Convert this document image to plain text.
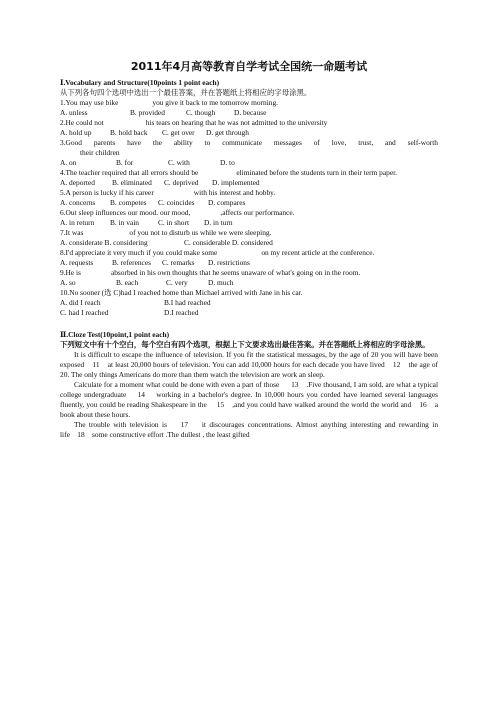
2011年4月高等教育自学考试全国统一命题考试
Ⅰ.Vocabulary and Structure(10points 1 point each)
从下列各句四个选项中选出一个最佳答案，并在答题纸上将相应的字母涂黑。
1.You may use bike	you give it back to me tomorrow morning.
A. unless	B. provided	C. though	D. because
2.He could not	his tears on hearing that he was not admitted to the university
A. hold up	B. hold back C. get over D. get through
3.Good parents have the ability to communicate messages of love, trust, and self-worth
their children
A. on	B. for	C. with	D. to
4.The teacher required that all errors should be	eliminated before the students turn in their term paper.
A. deported B. eliminated C. deprived D. implemented
5.A person is lucky if his career	with his interest and hobby.
A. concerns B. competes C. coincides D. compares
6.Out sleep influences our mood. our mood,	,affects our performance.
A. in return B. in vain	C. in short D. in turn
7.It was	of you not to disturb us while we were sleeping.
A. considerate B. considering	C. considerable D. considered
8.I'd appreciate it very much if you could make some	on my recent article at the conference.
A. requests	B. references C. remarks D. restrictions
9.He is	absorbed in his own thoughts that he seems unaware of what's going on in the room.
A. so	B. each	C. very	D. much
10.No sooner (选 C)had I reached home than Michael arrived with Jane in his car.
A. did I reach	B.I had reached
C. had I reached	D.I reached
Ⅱ.Cloze Test(10point,1 point each)
下列短文中有十个空白，每个空白有四个选项，根据上下文要求选出最佳答案。并在答题纸上将相应的字母涂黑。
It is difficult to escape the influence of television. If you fit the statistical messages, by the age of 20 you will have been exposed 11 at least 20,000 hours of television. You can add 10,000 hours for each decade you have lived 12 the age of 20. The only things Americans do more than them watch the television are work an sleep.
Calculate for a moment what could be done with even a part of those 13 .Five thousand, I am sold, are what a typical college undergraduate 14 working in a bachelor's degree. In 10,000 hours you corded have learned several languages fluently, you could be reading Shakespeare in the 15 ,and you could have walked around the world the world and 16 a book about these hours.
The trouble with television is 17 it discourages concentrations. Almost anything interesting and rewarding in life 18 some constructive effort .The dullest , the least gifted
